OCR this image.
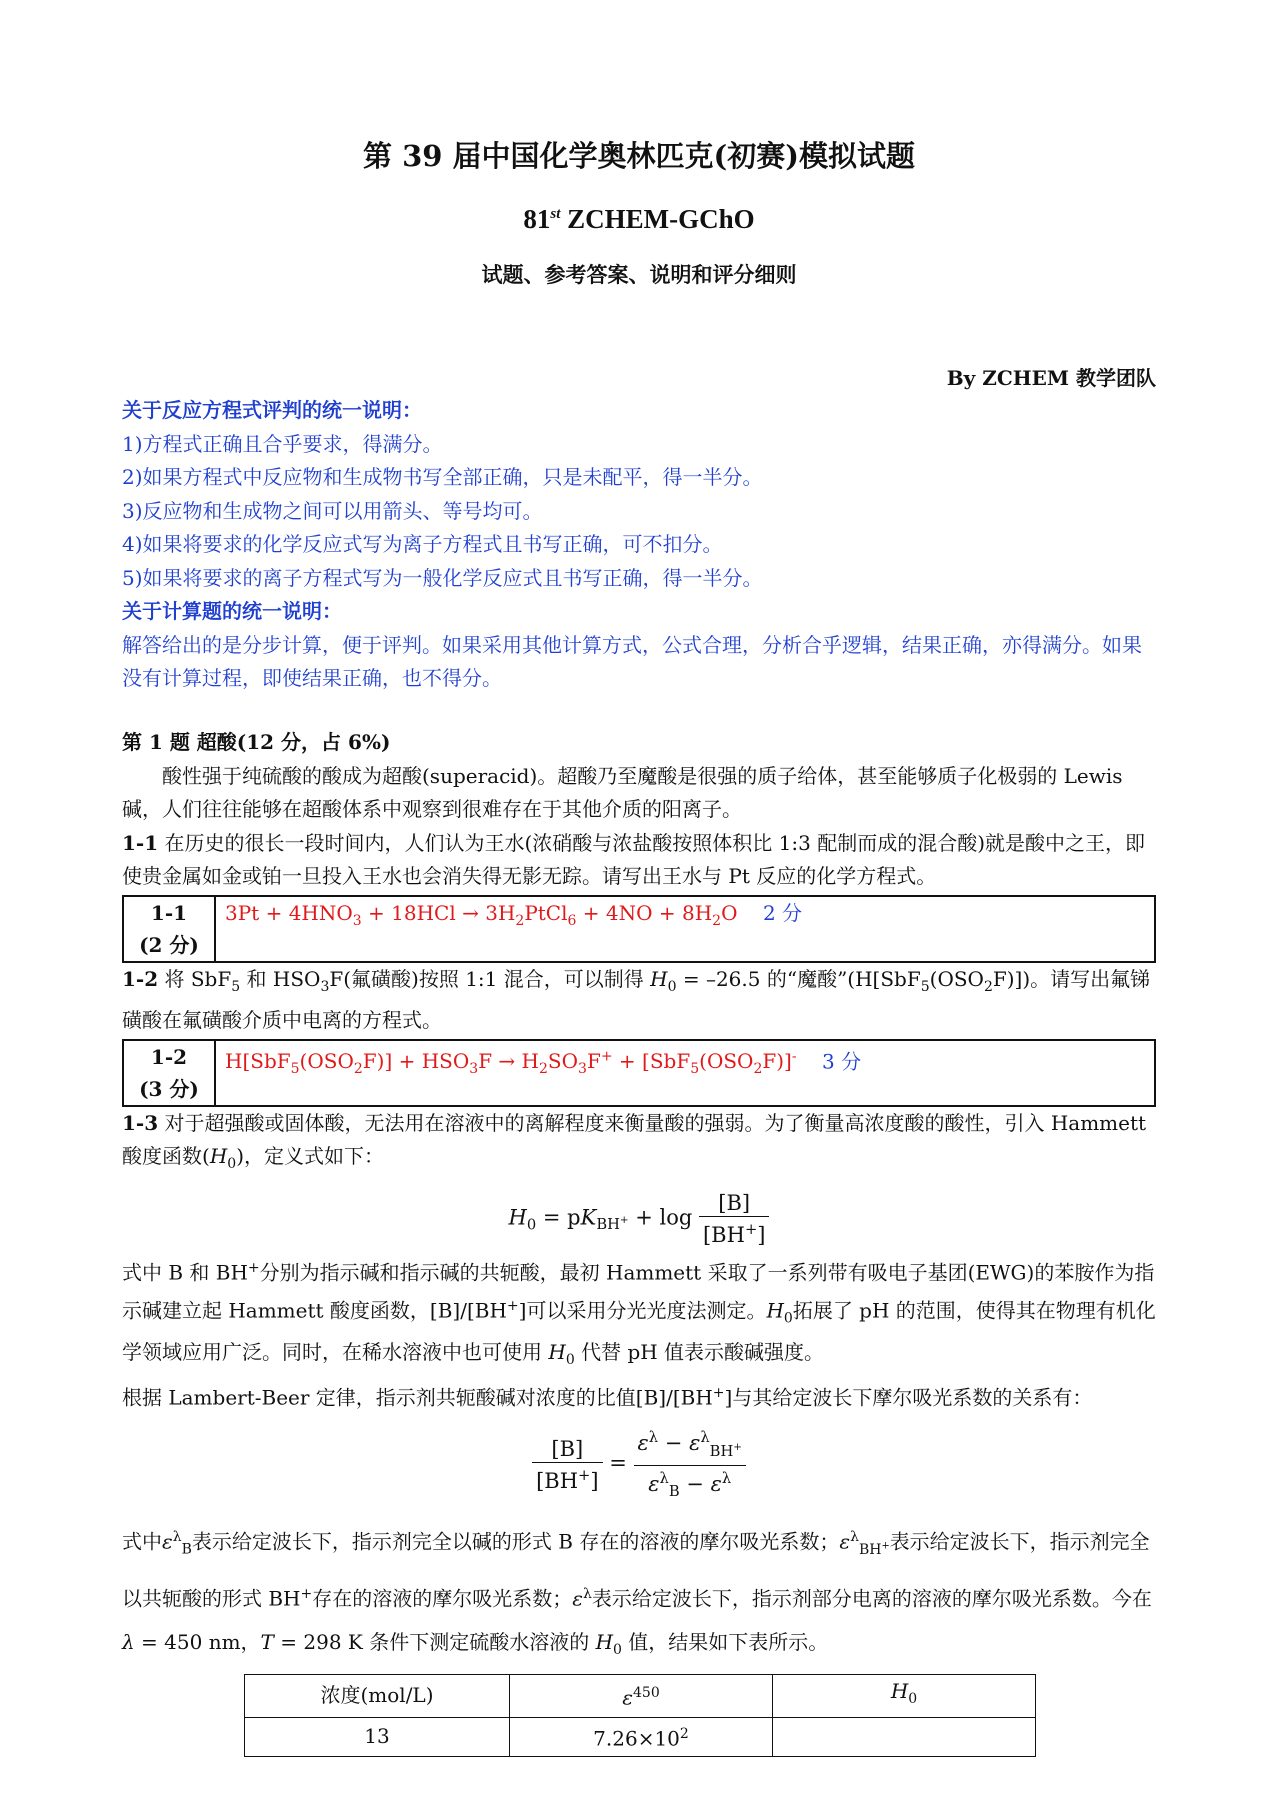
第 39 届中国化学奥林匹克(初赛)模拟试题
81st ZCHEM-GChO
试题、参考答案、说明和评分细则
By ZCHEM 教学团队
关于反应方程式评判的统一说明：
1)方程式正确且合乎要求，得满分。
2)如果方程式中反应物和生成物书写全部正确，只是未配平，得一半分。
3)反应物和生成物之间可以用箭头、等号均可。
4)如果将要求的化学反应式写为离子方程式且书写正确，可不扣分。
5)如果将要求的离子方程式写为一般化学反应式且书写正确，得一半分。
关于计算题的统一说明：
解答给出的是分步计算，便于评判。如果采用其他计算方式，公式合理，分析合乎逻辑，结果正确，亦得满分。如果没有计算过程，即使结果正确，也不得分。
第 1 题 超酸(12 分，占 6%)
酸性强于纯硫酸的酸成为超酸(superacid)。超酸乃至魔酸是很强的质子给体，甚至能够质子化极弱的 Lewis 碱，人们往往能够在超酸体系中观察到很难存在于其他介质的阳离子。
1-1 在历史的很长一段时间内，人们认为王水(浓硝酸与浓盐酸按照体积比 1:3 配制而成的混合酸)就是酸中之王，即使贵金属如金或铂一旦投入王水也会消失得无影无踪。请写出王水与 Pt 反应的化学方程式。
1-1
(2 分)
	$3Pt + 4HNO_3 + 18HCl$ → $3H_2PtCl_6 + 4NO + 8H_2O$ 2 分
1-2 将 SbF$_5$ 和 $HSO_3F$(氟磺酸)按照 1:1 混合，可以制得 $H_0 = -26.5$ 的“魔酸$”(H[SbF_5(OSO_2F)])$。请写出氟锑磺酸在氟磺酸介质中电离的方程式。
1-2
(3 分)
	$H[SbF_5(OSO_2F)] + HSO_3F \to H_2SO_3F^+ + [SbF_5(OSO_2F)]^-$ 3 分
1-3 对于超强酸或固体酸，无法用在溶液中的离解程度来衡量酸的强弱。为了衡量高浓度酸的酸性，引入 Hammett 酸度函数$(H_0)$，定义式如下：
$H_0 = pK_{BH^+} + \log \frac{[B]}{[BH^+]}$
式中 B 和 BH+分别为指示碱和指示碱的共轭酸，最初 Hammett 采取了一系列带有吸电子基团(EWG)的苯胺作为指示碱建立起 Hammett 酸度函数，[B]/[BH+]可以采用分光光度法测定。$H_0$拓展了 pH 的范围，使得其在物理有机化学领域应用广泛。同时，在稀水溶液中也可使用 $H_0$ 代替 pH 值表示酸碱强度。
根据 Lambert-Beer 定律，指示剂共轭酸碱对浓度的比值[B]/[BH+]与其给定波长下摩尔吸光系数的关系有：
$\frac{[B]}{[BH^+]} = \frac{\varepsilon^\lambda - \varepsilon^\lambda_{BH^+}}{\varepsilon^\lambda_B - \varepsilon^\lambda}$
式中$\varepsilon^\lambda_B$表示给定波长下，指示剂完全以碱的形式 B 存在的溶液的摩尔吸光系数；$\varepsilon^\lambda_{BH^+}$表示给定波长下，指示剂完全以共轭酸的形式 BH+存在的溶液的摩尔吸光系数；$\varepsilon^\lambda$表示给定波长下，指示剂部分电离的溶液的摩尔吸光系数。今在 λ = 450 nm，T = 298 K 条件下测定硫酸水溶液的 $H_0$ 值，结果如下表所示。
浓度(mol/L)	$\varepsilon^{450}$	$H_0$
13	$7.26\times 10^2$	
